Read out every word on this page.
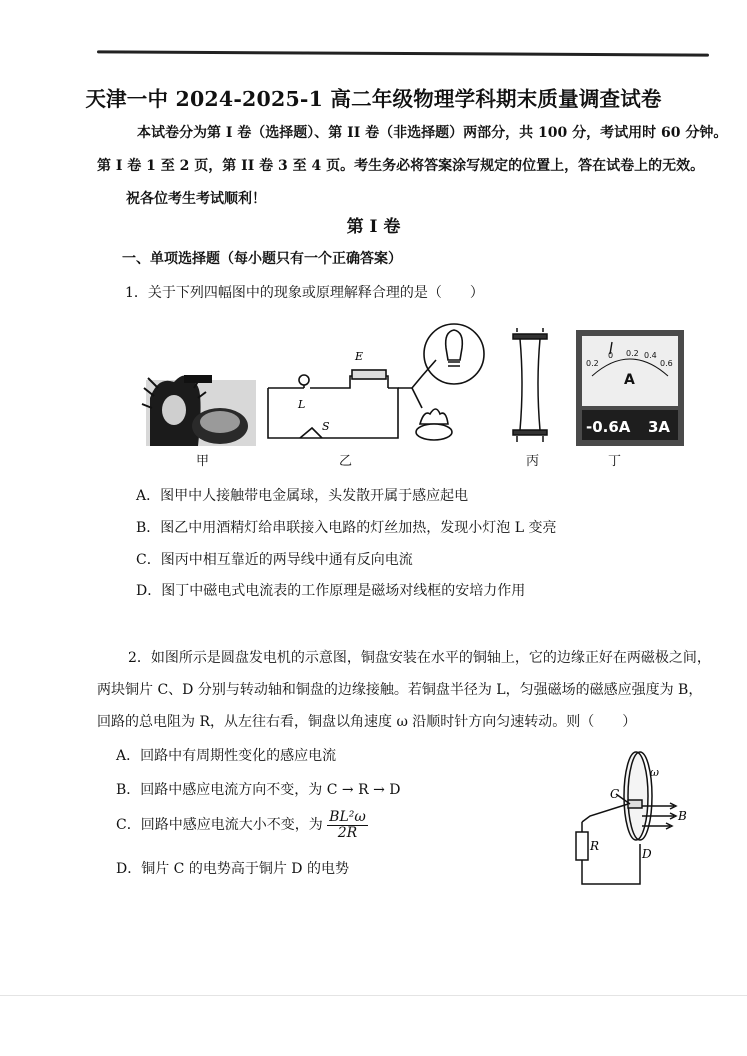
天津一中 2024-2025-1 高二年级物理学科期末质量调查试卷
本试卷分为第 I 卷（选择题）、第 II 卷（非选择题）两部分，共 100 分，考试用时 60 分钟。
第 I 卷 1 至 2 页，第 II 卷 3 至 4 页。考生务必将答案涂写规定的位置上，答在试卷上的无效。
祝各位考生考试顺利！
第 I 卷
一、单项选择题（每小题只有一个正确答案）
1．关于下列四幅图中的现象或原理解释合理的是（　　）
E
L
S
0.2
0 0.2 0.4
0.6
A
-0.6A 3A
甲	乙	丙	丁
A．图甲中人接触带电金属球，头发散开属于感应起电
B．图乙中用酒精灯给串联接入电路的灯丝加热，发现小灯泡 L 变亮
C．图丙中相互靠近的两导线中通有反向电流
D．图丁中磁电式电流表的工作原理是磁场对线框的安培力作用
2．如图所示是圆盘发电机的示意图，铜盘安装在水平的铜轴上，它的边缘正好在两磁极之间，
两块铜片 C、D 分别与转动轴和铜盘的边缘接触。若铜盘半径为 L，匀强磁场的磁感应强度为 B，
回路的总电阻为 R，从左往右看，铜盘以角速度 ω 沿顺时针方向匀速转动。则（　　）
A．回路中有周期性变化的感应电流
B．回路中感应电流方向不变，为 C → R → D
C．回路中感应电流大小不变，为 $\frac{\text{BL²ω}}{2R}$
D．铜片 C 的电势高于铜片 D 的电势
ω
C
B
R
D
